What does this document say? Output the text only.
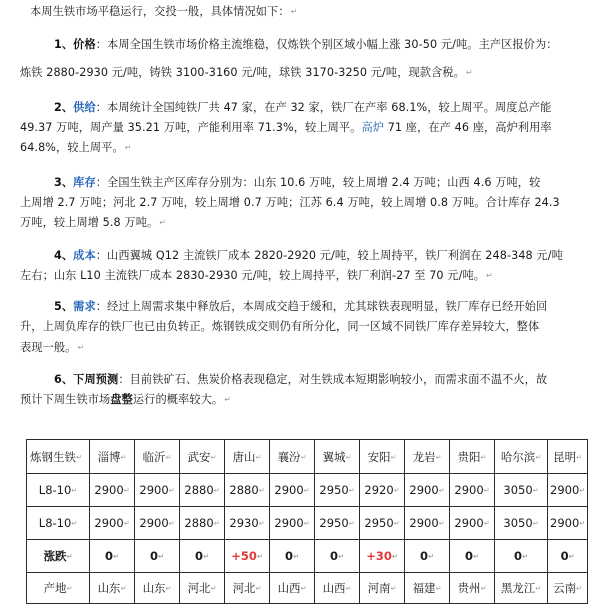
本周生铁市场平稳运行，交投一般，具体情况如下：↵
1、价格：本周全国生铁市场价格主流维稳，仅炼铁个别区域小幅上涨 30-50 元/吨。主产区报价为：
炼铁 2880-2930 元/吨，铸铁 3100-3160 元/吨，球铁 3170-3250 元/吨，现款含税。↵
2、供给：本周统计全国纯铁厂共 47 家，在产 32 家，铁厂在产率 68.1%，较上周平。周度总产能
49.37 万吨，周产量 35.21 万吨，产能利用率 71.3%，较上周平。高炉 71 座，在产 46 座，高炉利用率
64.8%，较上周平。↵
3、库存：全国生铁主产区库存分别为：山东 10.6 万吨，较上周增 2.4 万吨；山西 4.6 万吨，较
上周增 2.7 万吨；河北 2.7 万吨，较上周增 0.7 万吨；江苏 6.4 万吨，较上周增 0.8 万吨。合计库存 24.3
万吨，较上周增 5.8 万吨。↵
4、成本：山西翼城 Q12 主流铁厂成本 2820-2920 元/吨，较上周持平，铁厂利润在 248-348 元/吨
左右；山东 L10 主流铁厂成本 2830-2930 元/吨，较上周持平，铁厂利润-27 至 70 元/吨。↵
5、需求：经过上周需求集中释放后，本周成交趋于缓和，尤其球铁表现明显，铁厂库存已经开始回
升，上周负库存的铁厂也已由负转正。炼钢铁成交则仍有所分化，同一区域不同铁厂库存差异较大，整体
表现一般。↵
6、下周预测：目前铁矿石、焦炭价格表现稳定，对生铁成本短期影响较小，而需求面不温不火，故
预计下周生铁市场盘整运行的概率较大。↵
炼钢生铁↵	淄博↵	临沂↵	武安↵	唐山↵	襄汾↵	翼城↵	安阳↵	龙岩↵	贵阳↵	哈尔滨↵	昆明↵
L8-10↵	2900↵	2900↵	2880↵	2880↵	2900↵	2950↵	2920↵	2900↵	2900↵	3050↵	2900↵
L8-10↵	2900↵	2900↵	2880↵	2930↵	2900↵	2950↵	2950↵	2900↵	2900↵	3050↵	2900↵
涨跌↵	0↵	0↵	0↵	+50↵	0↵	0↵	+30↵	0↵	0↵	0↵	0↵
产地↵	山东↵	山东↵	河北↵	河北↵	山西↵	山西↵	河南↵	福建↵	贵州↵	黑龙江↵	云南↵
